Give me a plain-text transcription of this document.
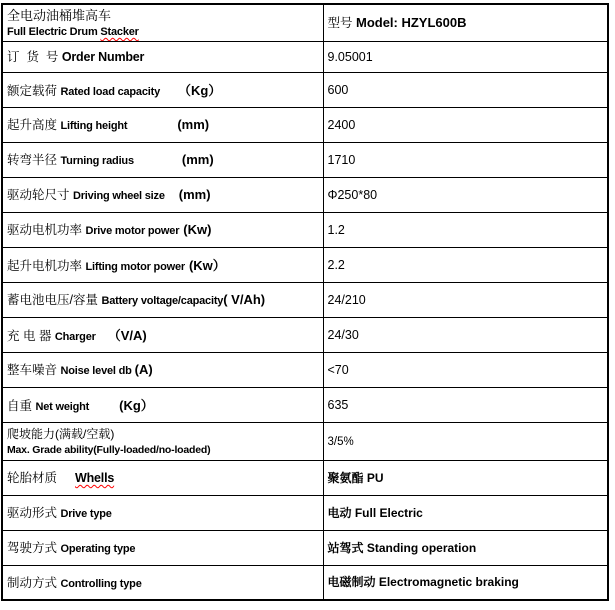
全电动油桶堆高车
Full Electric Drum Stacker	型号 Model: HZYL600B
订  货  号 Order Number	9.05001
额定载荷 Rated load capacity （Kg）	600
起升高度 Lifting height (mm)	2400
转弯半径 Turning radius (mm)	1710
驱动轮尺寸 Driving wheel size (mm)	Φ250*80
驱动电机功率 Drive motor power (Kw)	1.2
起升电机功率 Lifting motor power (Kw）	2.2
蓄电池电压/容量 Battery voltage/capacity( V/Ah)	24/210
充 电 器 Charger （V/A)	24/30
整车噪音 Noise level db (A)	<70
自重 Net weight (Kg）	635

爬坡能力(满载/空载)
Max. Grade ability(Fully-loaded/no-loaded)	3/5%
轮胎材质 Whells	聚氨酯 PU
驱动形式 Drive type	电动 Full Electric
驾驶方式 Operating type	站驾式 Standing operation
制动方式 Controlling type	电磁制动 Electromagnetic braking
